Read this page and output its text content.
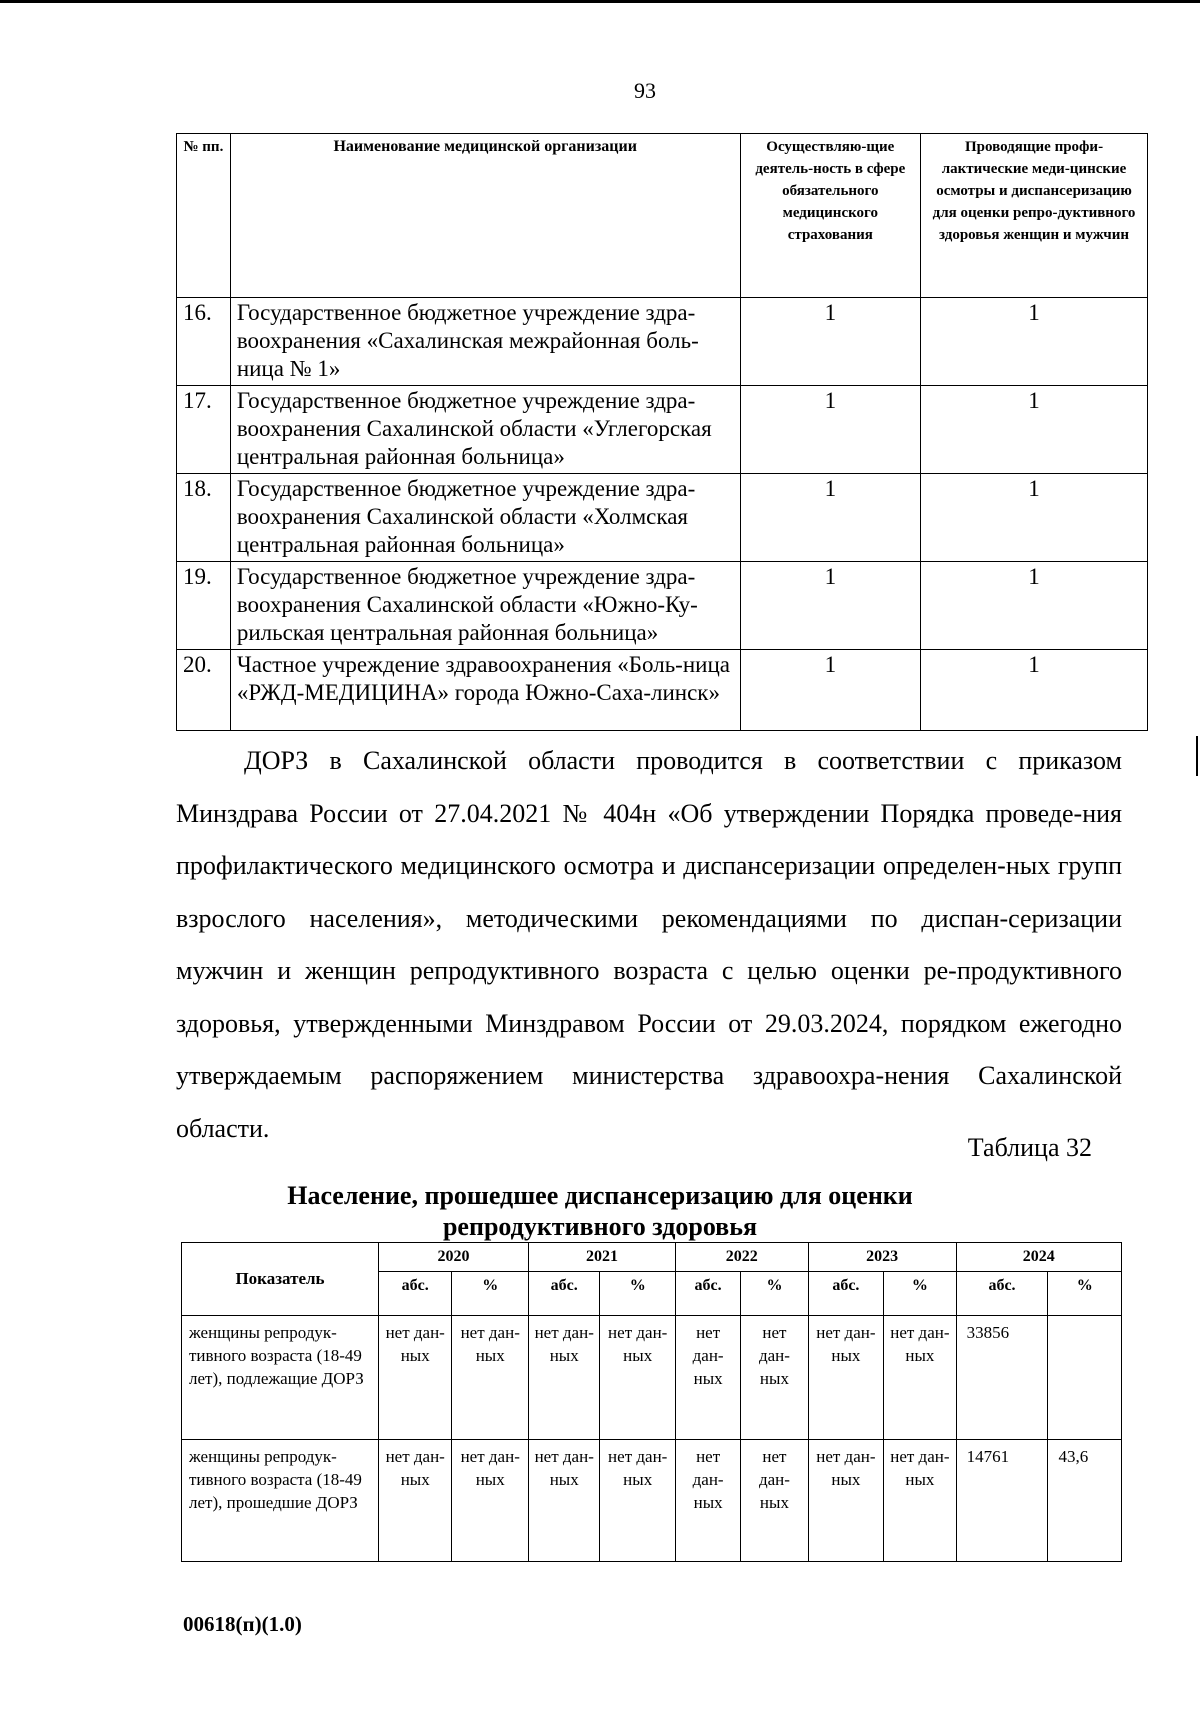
93
№ пп.	Наименование медицинской организации	Осуществляю-щие деятель-ность в сфере обязательного медицинского страхования	Проводящие профи-лактические меди-цинские осмотры и диспансеризацию для оценки репро-дуктивного здоровья женщин и мужчин
16.	Государственное бюджетное учреждение здра-воохранения «Сахалинская межрайонная боль-ница № 1»	1	1
17.	Государственное бюджетное учреждение здра-воохранения Сахалинской области «Углегорская центральная районная больница»	1	1
18.	Государственное бюджетное учреждение здра-воохранения Сахалинской области «Холмская центральная районная больница»	1	1
19.	Государственное бюджетное учреждение здра-воохранения Сахалинской области «Южно-Ку-рильская центральная районная больница»	1	1
20.	Частное учреждение здравоохранения «Боль-ница «РЖД-МЕДИЦИНА» города Южно-Саха-линск»	1	1
ДОРЗ в Сахалинской области проводится в соответствии с приказом Минздрава России от 27.04.2021 № 404н «Об утверждении Порядка проведе-ния профилактического медицинского осмотра и диспансеризации определен-ных групп взрослого населения», методическими рекомендациями по диспан-серизации мужчин и женщин репродуктивного возраста с целью оценки ре-продуктивного здоровья, утвержденными Минздравом России от 29.03.2024, порядком ежегодно утверждаемым распоряжением министерства здравоохра-нения Сахалинской области.
Таблица 32
Население, прошедшее диспансеризацию для оценки репродуктивного здоровья
Показатель	2020		2021		2022		2023		2024	
	абс.	%	абс.	%	абс.	%	абс.	%	абс.	%
женщины репродук-тивного возраста (18-49 лет), подлежащие ДОРЗ	нет дан-ных	нет дан-ных	нет дан-ных	нет дан-ных	нет дан-ных	нет дан-ных	нет дан-ных	нет дан-ных	33856	
женщины репродук-тивного возраста (18-49 лет), прошедшие ДОРЗ	нет дан-ных	нет дан-ных	нет дан-ных	нет дан-ных	нет дан-ных	нет дан-ных	нет дан-ных	нет дан-ных	14761	43,6
00618(п)(1.0)
